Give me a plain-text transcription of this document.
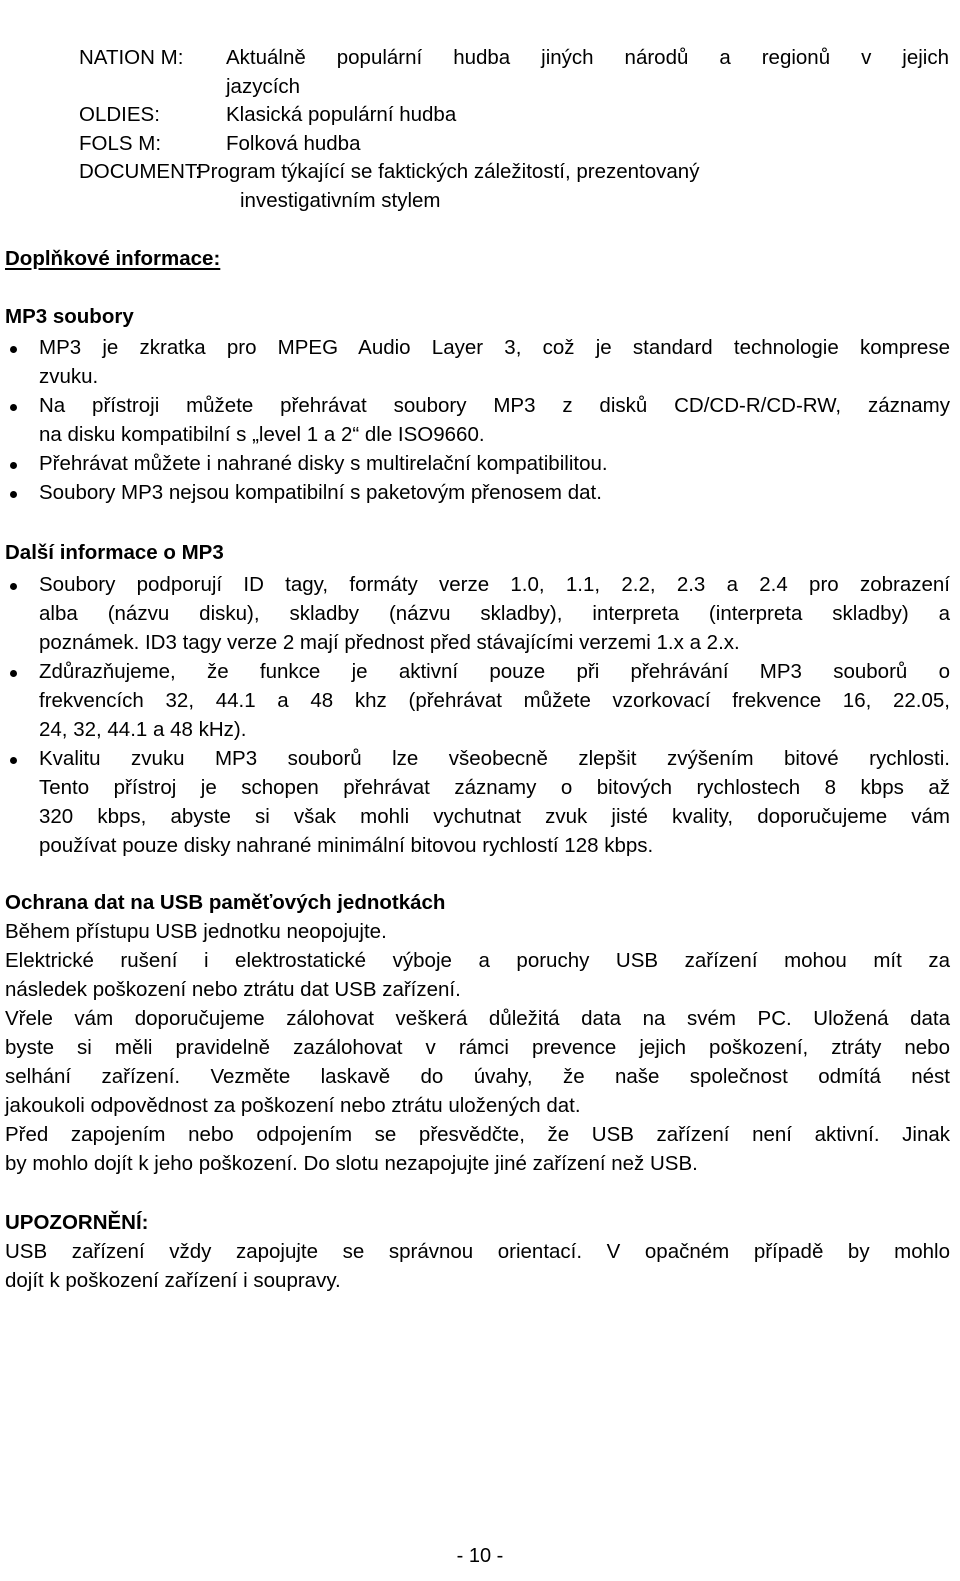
NATION M: Aktuálně populární hudba jiných národů a regionů v jejich
jazycích
OLDIES:	Klasická populární hudba
FOLS M:	Folková hudba
DOCUMENT:
Program týkající se faktických záležitostí, prezentovaný
investigativním stylem
Doplňkové informace:
MP3 soubory
MP3 je zkratka pro MPEG Audio Layer 3, což je standard technologie komprese
zvuku.
Na přístroji můžete přehrávat soubory MP3 z disků CD/CD-R/CD-RW, záznamy
na disku kompatibilní s „level 1 a 2“ dle ISO9660.
Přehrávat můžete i nahrané disky s multirelační kompatibilitou.
Soubory MP3 nejsou kompatibilní s paketovým přenosem dat.
Další informace o MP3
Soubory podporují ID tagy, formáty verze 1.0, 1.1, 2.2, 2.3 a 2.4 pro zobrazení
alba (názvu disku), skladby (názvu skladby), interpreta (interpreta skladby) a
poznámek. ID3 tagy verze 2 mají přednost před stávajícími verzemi 1.x a 2.x.
Zdůrazňujeme, že funkce je aktivní pouze při přehrávání MP3 souborů o
frekvencích 32, 44.1 a 48 khz (přehrávat můžete vzorkovací frekvence 16, 22.05,
24, 32, 44.1 a 48 kHz).
Kvalitu zvuku MP3 souborů lze všeobecně zlepšit zvýšením bitové rychlosti.
Tento přístroj je schopen přehrávat záznamy o bitových rychlostech 8 kbps až
320 kbps, abyste si však mohli vychutnat zvuk jisté kvality, doporučujeme vám
používat pouze disky nahrané minimální bitovou rychlostí 128 kbps.
Ochrana dat na USB paměťových jednotkách
Během přístupu USB jednotku neopojujte.
Elektrické rušení i elektrostatické výboje a poruchy USB zařízení mohou mít za
následek poškození nebo ztrátu dat USB zařízení.
Vřele vám doporučujeme zálohovat veškerá důležitá data na svém PC. Uložená data
byste si měli pravidelně zazálohovat v rámci prevence jejich poškození, ztráty nebo
selhání zařízení. Vezměte laskavě do úvahy, že naše společnost odmítá nést
jakoukoli odpovědnost za poškození nebo ztrátu uložených dat.
Před zapojením nebo odpojením se přesvědčte, že USB zařízení není aktivní. Jinak
by mohlo dojít k jeho poškození. Do slotu nezapojujte jiné zařízení než USB.
UPOZORNĚNÍ:
USB zařízení vždy zapojujte se správnou orientací. V opačném případě by mohlo
dojít k poškození zařízení i soupravy.
- 10 -
